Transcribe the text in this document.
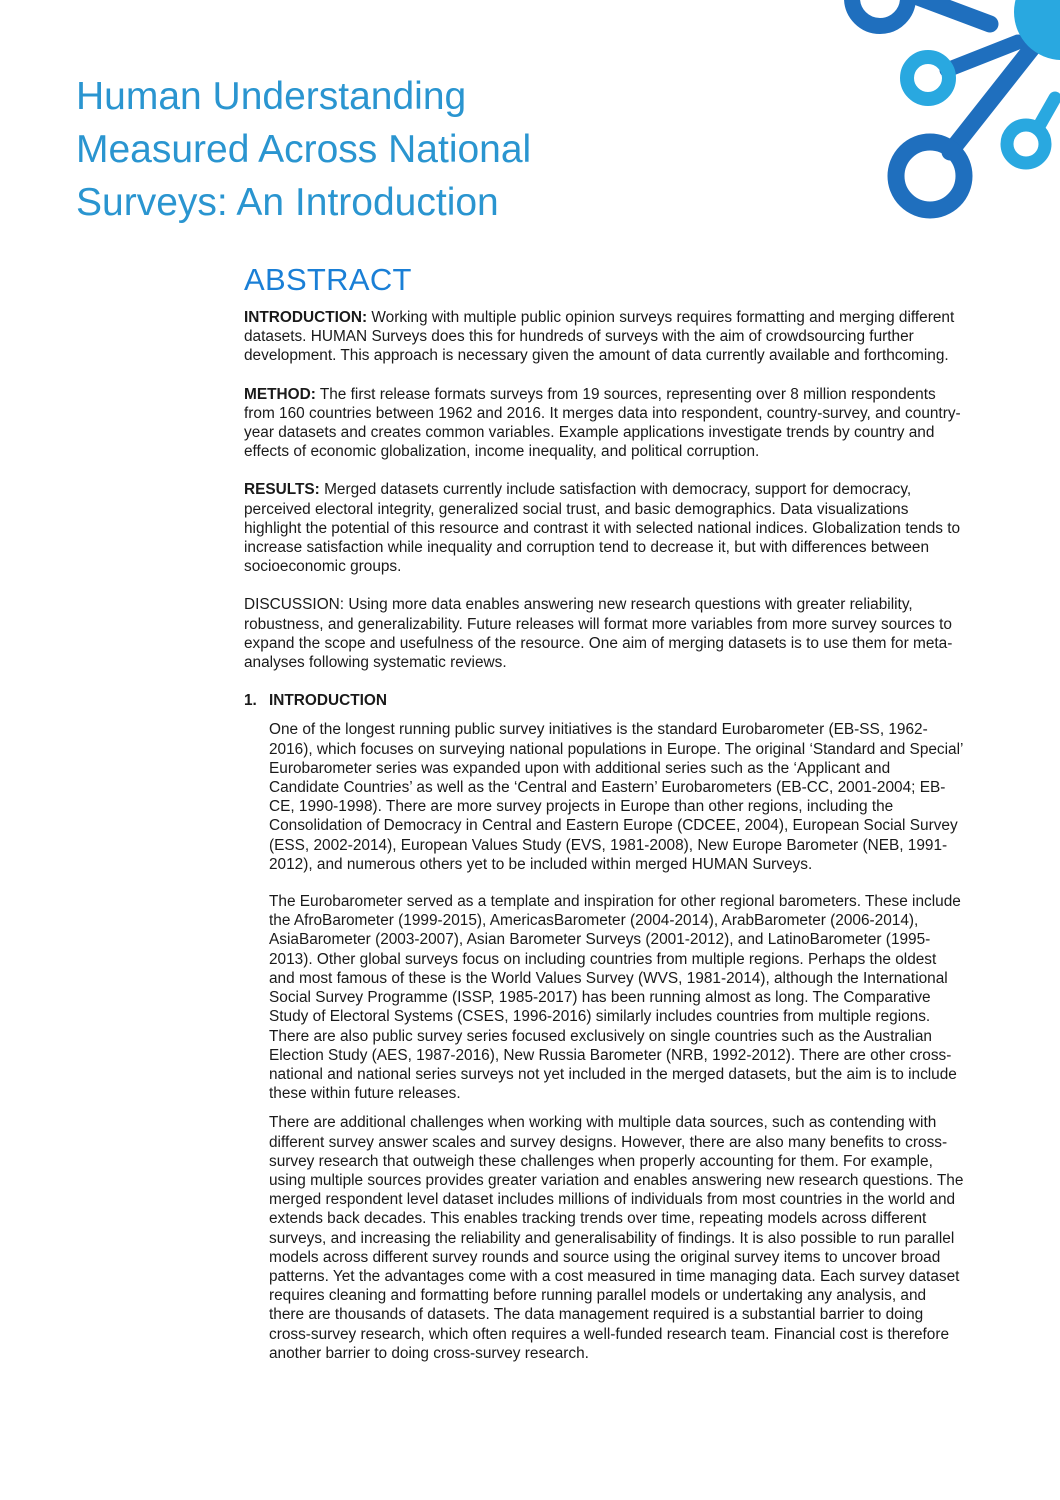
Human Understanding
Measured Across National
Surveys: An Introduction
ABSTRACT

INTRODUCTION: Working with multiple public opinion surveys requires formatting and merging different datasets. HUMAN Surveys does this for hundreds of surveys with the aim of crowdsourcing further development. This approach is necessary given the amount of data currently available and forthcoming.

METHOD: The first release formats surveys from 19 sources, representing over 8 million respondents from 160 countries between 1962 and 2016. It merges data into respondent, country-survey, and country-year datasets and creates common variables. Example applications investigate trends by country and effects of economic globalization, income inequality, and political corruption.

RESULTS: Merged datasets currently include satisfaction with democracy, support for democracy, perceived electoral integrity, generalized social trust, and basic demographics. Data visualizations highlight the potential of this resource and contrast it with selected national indices. Globalization tends to increase satisfaction while inequality and corruption tend to decrease it, but with differences between socioeconomic groups.

DISCUSSION: Using more data enables answering new research questions with greater reliability, robustness, and generalizability. Future releases will format more variables from more survey sources to expand the scope and usefulness of the resource. One aim of merging datasets is to use them for meta-analyses following systematic reviews.

1. INTRODUCTION

One of the longest running public survey initiatives is the standard Eurobarometer (EB-SS, 1962-2016), which focuses on surveying national populations in Europe. The original ‘Standard and Special’ Eurobarometer series was expanded upon with additional series such as the ‘Applicant and Candidate Countries’ as well as the ‘Central and Eastern’ Eurobarometers (EB-CC, 2001-2004; EB-CE, 1990-1998). There are more survey projects in Europe than other regions, including the Consolidation of Democracy in Central and Eastern Europe (CDCEE, 2004), European Social Survey (ESS, 2002-2014), European Values Study (EVS, 1981-2008), New Europe Barometer (NEB, 1991-2012), and numerous others yet to be included within merged HUMAN Surveys.

The Eurobarometer served as a template and inspiration for other regional barometers. These include the AfroBarometer (1999-2015), AmericasBarometer (2004-2014), ArabBarometer (2006-2014), AsiaBarometer (2003-2007), Asian Barometer Surveys (2001-2012), and LatinoBarometer (1995-2013). Other global surveys focus on including countries from multiple regions. Perhaps the oldest and most famous of these is the World Values Survey (WVS, 1981-2014), although the International Social Survey Programme (ISSP, 1985-2017) has been running almost as long. The Comparative Study of Electoral Systems (CSES, 1996-2016) similarly includes countries from multiple regions. There are also public survey series focused exclusively on single countries such as the Australian Election Study (AES, 1987-2016), New Russia Barometer (NRB, 1992-2012). There are other cross-national and national series surveys not yet included in the merged datasets, but the aim is to include these within future releases.

There are additional challenges when working with multiple data sources, such as contending with different survey answer scales and survey designs. However, there are also many benefits to cross-survey research that outweigh these challenges when properly accounting for them. For example, using multiple sources provides greater variation and enables answering new research questions. The merged respondent level dataset includes millions of individuals from most countries in the world and extends back decades. This enables tracking trends over time, repeating models across different surveys, and increasing the reliability and generalisability of findings. It is also possible to run parallel models across different survey rounds and source using the original survey items to uncover broad patterns. Yet the advantages come with a cost measured in time managing data. Each survey dataset requires cleaning and formatting before running parallel models or undertaking any analysis, and there are thousands of datasets. The data management required is a substantial barrier to doing cross-survey research, which often requires a well-funded research team. Financial cost is therefore another barrier to doing cross-survey research.
